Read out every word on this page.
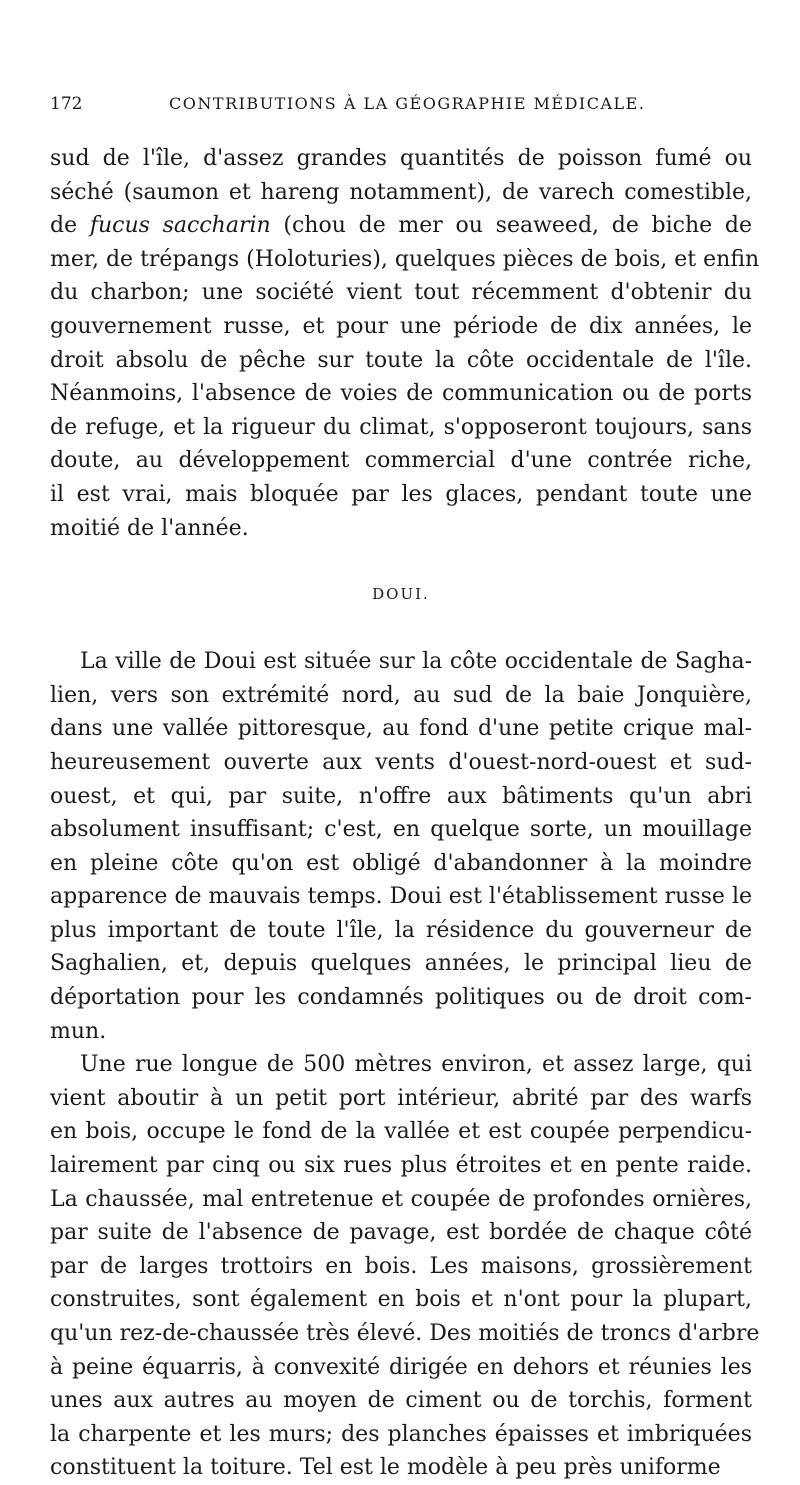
172	CONTRIBUTIONS À LA GÉOGRAPHIE MÉDICALE.

sud de l'île, d'assez grandes quantités de poisson fumé ou
séché (saumon et hareng notamment), de varech comestible,
de fucus saccharin (chou de mer ou seaweed, de biche de
mer, de trépangs (Holoturies), quelques pièces de bois, et enfin
du charbon; une société vient tout récemment d'obtenir du
gouvernement russe, et pour une période de dix années, le
droit absolu de pêche sur toute la côte occidentale de l'île.
Néanmoins, l'absence de voies de communication ou de ports
de refuge, et la rigueur du climat, s'opposeront toujours, sans
doute, au développement commercial d'une contrée riche,
il est vrai, mais bloquée par les glaces, pendant toute une
moitié de l'année.

DOUI.

La ville de Doui est située sur la côte occidentale de Sagha-
lien, vers son extrémité nord, au sud de la baie Jonquière,
dans une vallée pittoresque, au fond d'une petite crique mal-
heureusement ouverte aux vents d'ouest-nord-ouest et sud-
ouest, et qui, par suite, n'offre aux bâtiments qu'un abri
absolument insuffisant; c'est, en quelque sorte, un mouillage
en pleine côte qu'on est obligé d'abandonner à la moindre
apparence de mauvais temps. Doui est l'établissement russe le
plus important de toute l'île, la résidence du gouverneur de
Saghalien, et, depuis quelques années, le principal lieu de
déportation pour les condamnés politiques ou de droit com-
mun.

Une rue longue de 500 mètres environ, et assez large, qui
vient aboutir à un petit port intérieur, abrité par des warfs
en bois, occupe le fond de la vallée et est coupée perpendicu-
lairement par cinq ou six rues plus étroites et en pente raide.
La chaussée, mal entretenue et coupée de profondes ornières,
par suite de l'absence de pavage, est bordée de chaque côté
par de larges trottoirs en bois. Les maisons, grossièrement
construites, sont également en bois et n'ont pour la plupart,
qu'un rez-de-chaussée très élevé. Des moitiés de troncs d'arbre
à peine équarris, à convexité dirigée en dehors et réunies les
unes aux autres au moyen de ciment ou de torchis, forment
la charpente et les murs; des planches épaisses et imbriquées
constituent la toiture. Tel est le modèle à peu près uniforme
